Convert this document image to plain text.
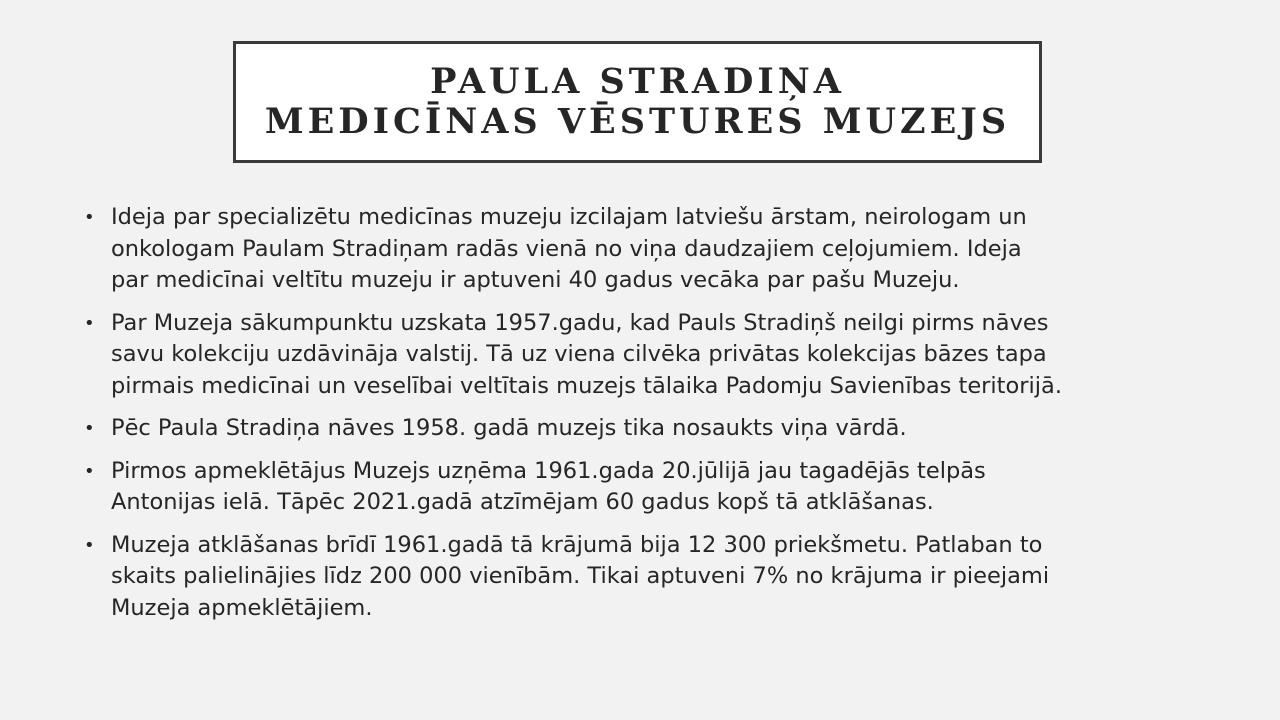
PAULA STRADIŅA
MEDICĪNAS VĒSTURES MUZEJS
• Ideja par specializētu medicīnas muzeju izcilajam latviešu ārstam, neirologam un
onkologam Paulam Stradiņam radās vienā no viņa daudzajiem ceļojumiem. Ideja
par medicīnai veltītu muzeju ir aptuveni 40 gadus vecāka par pašu Muzeju.
• Par Muzeja sākumpunktu uzskata 1957.gadu, kad Pauls Stradiņš neilgi pirms nāves
savu kolekciju uzdāvināja valstij. Tā uz viena cilvēka privātas kolekcijas bāzes tapa
pirmais medicīnai un veselībai veltītais muzejs tālaika Padomju Savienības teritorijā.
• Pēc Paula Stradiņa nāves 1958. gadā muzejs tika nosaukts viņa vārdā.
• Pirmos apmeklētājus Muzejs uzņēma 1961.gada 20.jūlijā jau tagadējās telpās
Antonijas ielā. Tāpēc 2021.gadā atzīmējam 60 gadus kopš tā atklāšanas.
• Muzeja atklāšanas brīdī 1961.gadā tā krājumā bija 12 300 priekšmetu. Patlaban to
skaits palielinājies līdz 200 000 vienībām. Tikai aptuveni 7% no krājuma ir pieejami
Muzeja apmeklētājiem.
